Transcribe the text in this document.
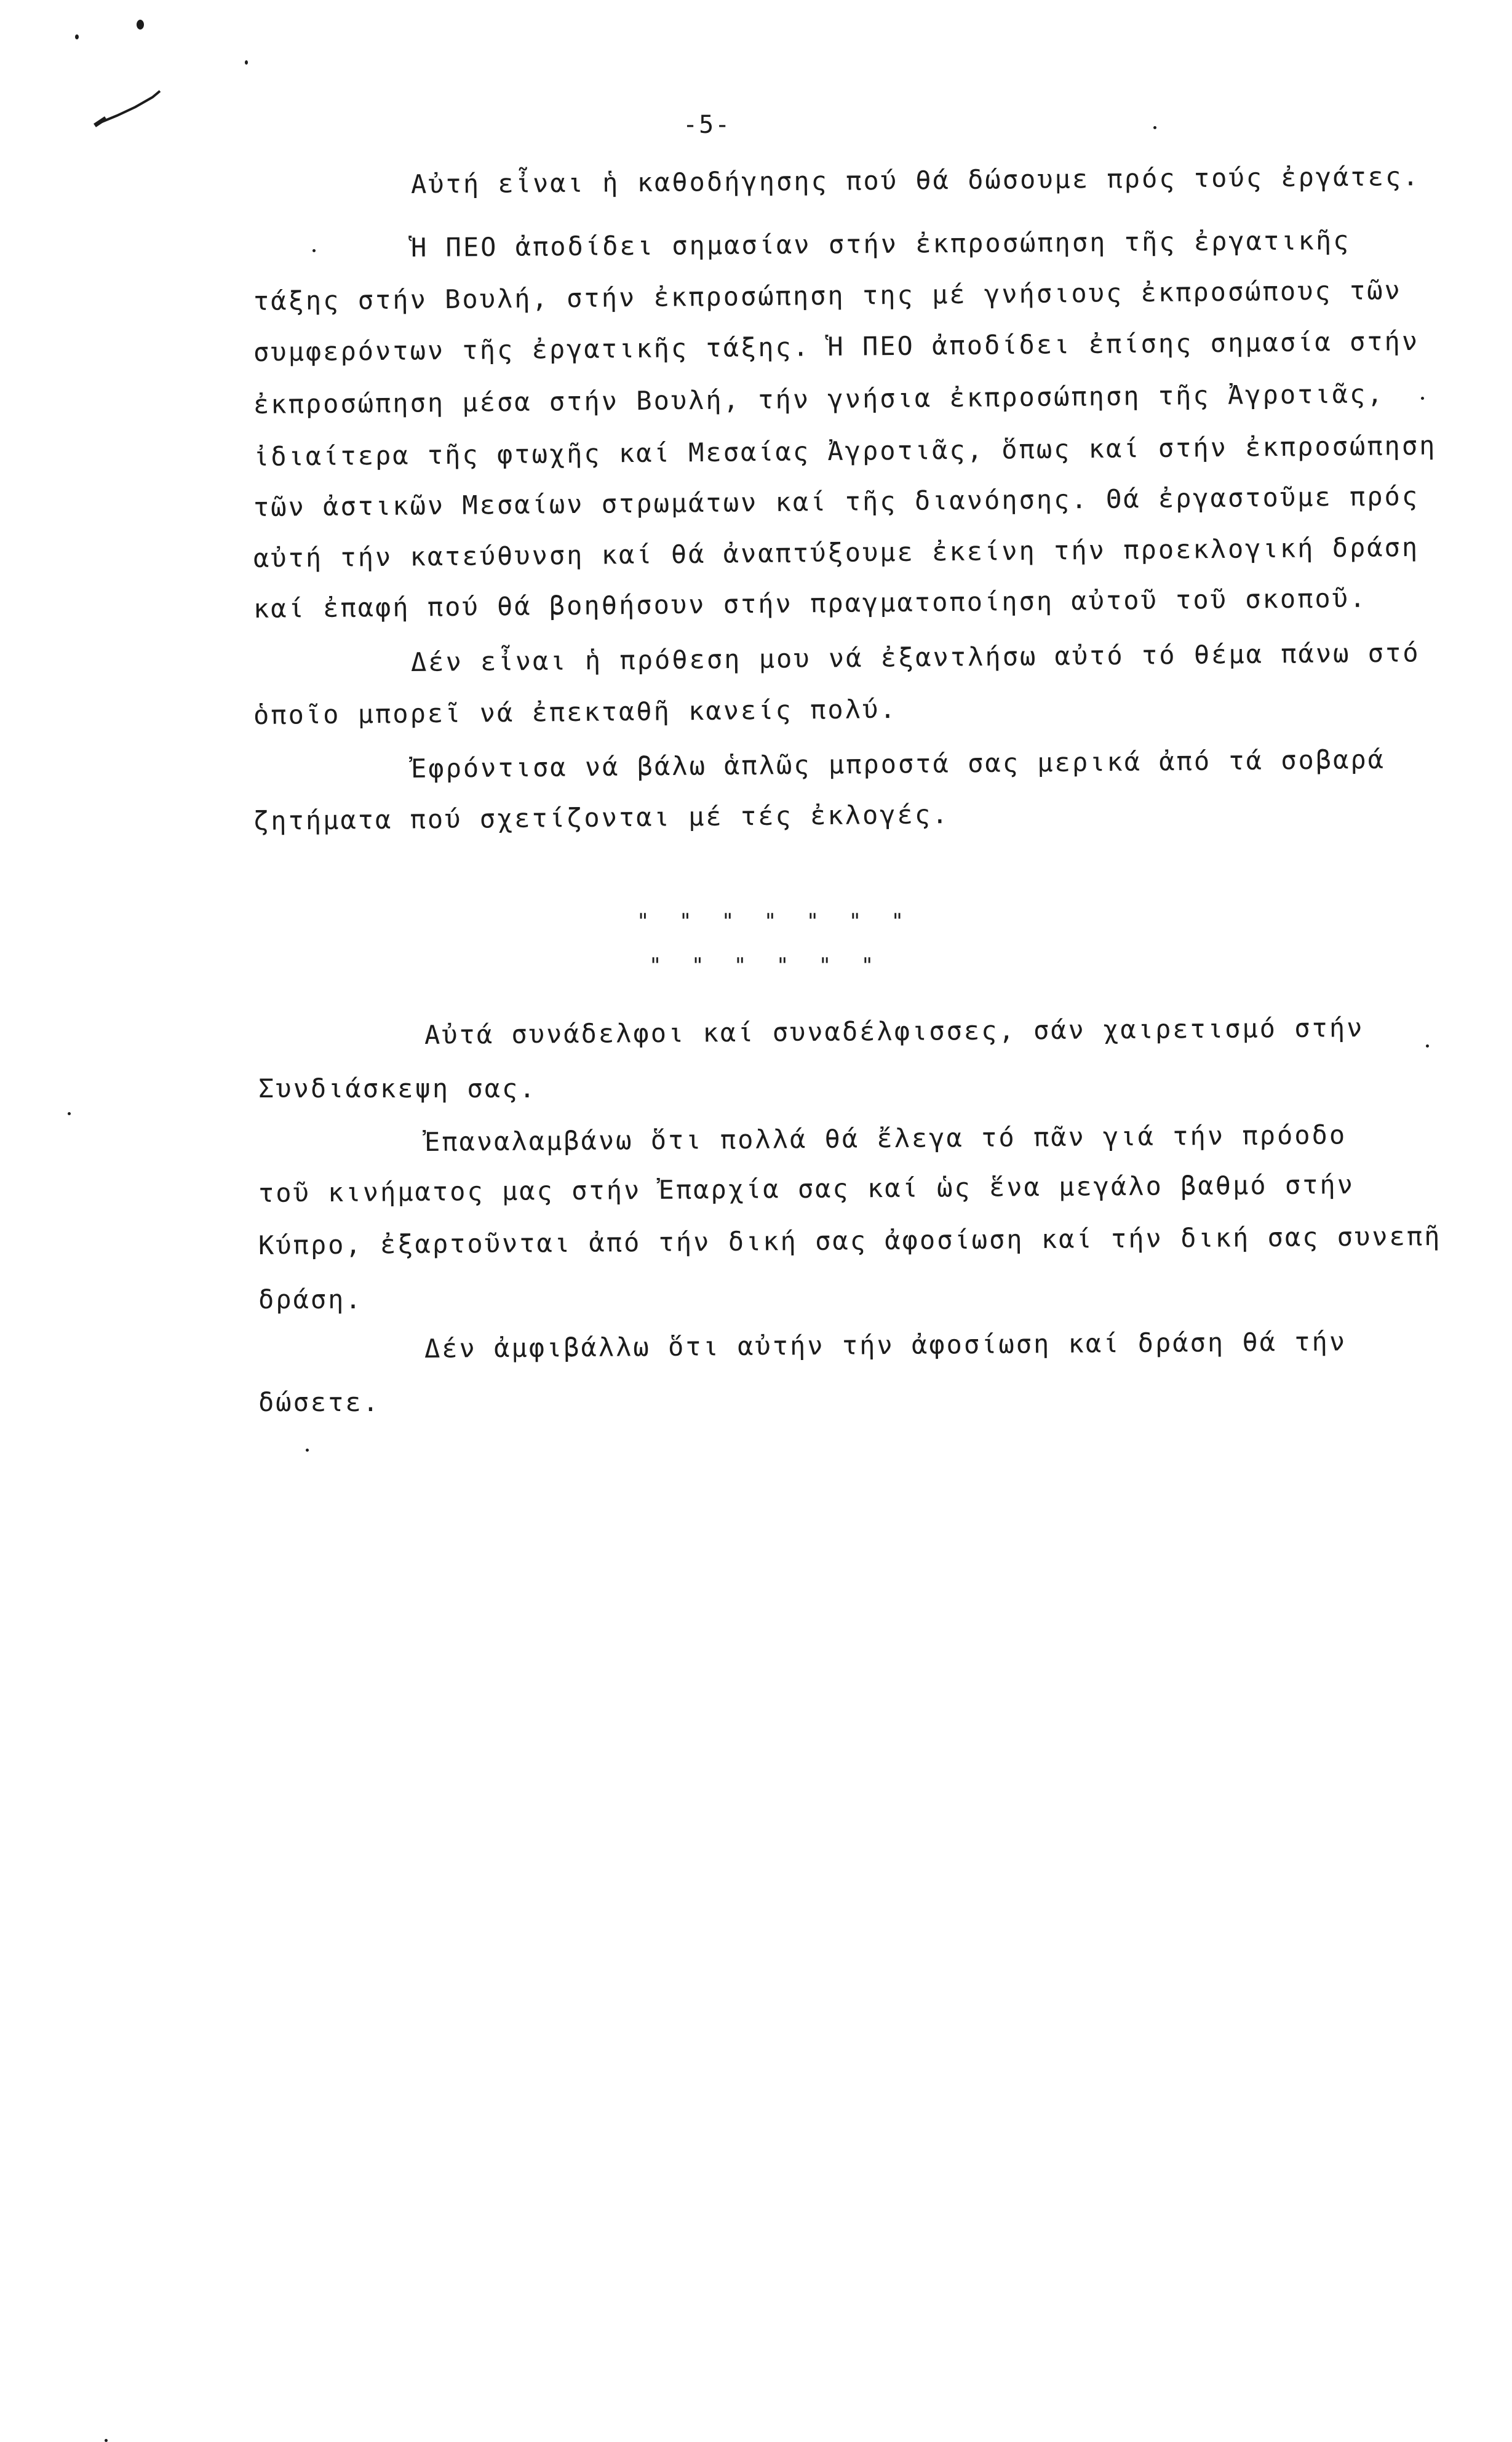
-5-
Αὐτή εἶναι ἡ καθοδήγησης πού θά δώσουμε πρός τούς ἐργάτες.
Ἡ ΠΕΟ ἀποδίδει σημασίαν στήν ἐκπροσώπηση τῆς ἐργατικῆς
τάξης στήν Βουλή, στήν ἐκπροσώπηση της μέ γνήσιους ἐκπροσώπους τῶν
συμφερόντων τῆς ἐργατικῆς τάξης. Ἡ ΠΕΟ ἀποδίδει ἐπίσης σημασία στήν
ἐκπροσώπηση μέσα στήν Βουλή, τήν γνήσια ἐκπροσώπηση τῆς Ἀγροτιᾶς,
ἰδιαίτερα τῆς φτωχῆς καί Μεσαίας Ἀγροτιᾶς, ὅπως καί στήν ἐκπροσώπηση
τῶν ἀστικῶν Μεσαίων στρωμάτων καί τῆς διανόησης. Θά ἐργαστοῦμε πρός
αὐτή τήν κατεύθυνση καί θά ἀναπτύξουμε ἐκείνη τήν προεκλογική δράση
καί ἐπαφή πού θά βοηθήσουν στήν πραγματοποίηση αὐτοῦ τοῦ σκοποῦ.
Δέν εἶναι ἡ πρόθεση μου νά ἐξαντλήσω αὐτό τό θέμα πάνω στό
ὁποῖο μπορεῖ νά ἐπεκταθῆ κανείς πολύ.
Ἐφρόντισα νά βάλω ἁπλῶς μπροστά σας μερικά ἀπό τά σοβαρά
ζητήματα πού σχετίζονται μέ τές ἐκλογές.
" " " " " " "
" " " " " "
Αὐτά συνάδελφοι καί συναδέλφισσες, σάν χαιρετισμό στήν
Συνδιάσκεψη σας.
Ἐπαναλαμβάνω ὅτι πολλά θά ἔλεγα τό πᾶν γιά τήν πρόοδο
τοῦ κινήματος μας στήν Ἐπαρχία σας καί ὡς ἕνα μεγάλο βαθμό στήν
Κύπρο, ἐξαρτοῦνται ἀπό τήν δική σας ἀφοσίωση καί τήν δική σας συνεπῆ
δράση.
Δέν ἀμφιβάλλω ὅτι αὐτήν τήν ἀφοσίωση καί δράση θά τήν
δώσετε.
